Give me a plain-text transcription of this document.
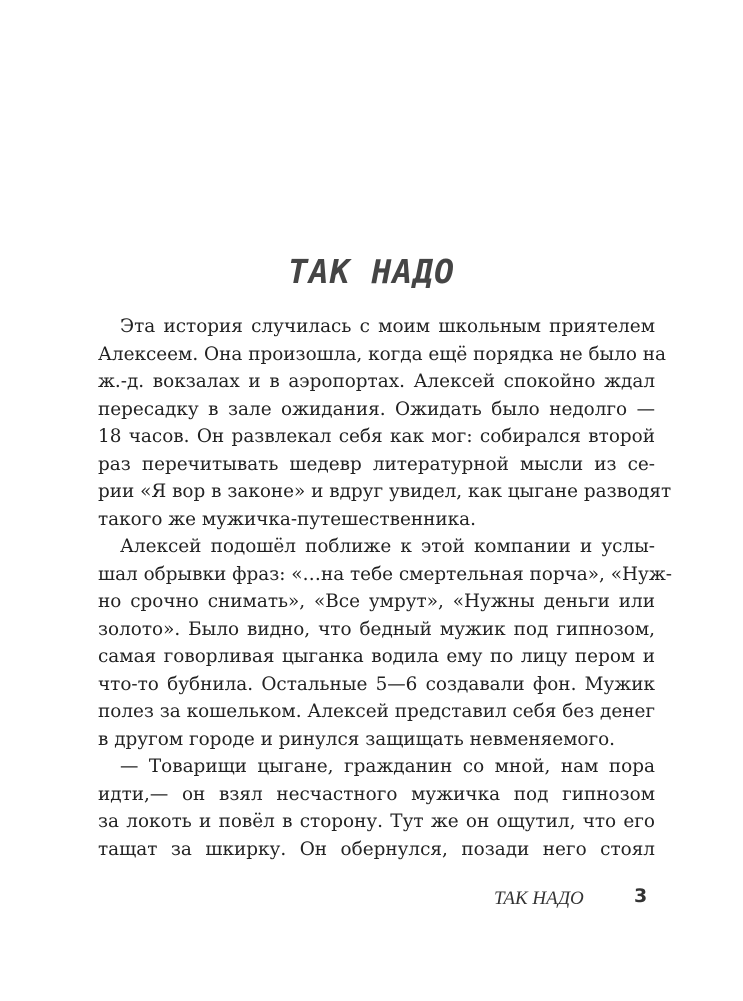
ТАК НАДО
Эта история случилась с моим школьным приятелем
Алексеем. Она произошла, когда ещё порядка не было на
ж.-д. вокзалах и в аэропортах. Алексей спокойно ждал
пересадку в зале ожидания. Ожидать было недолго —
18 часов. Он развлекал себя как мог: собирался второй
раз перечитывать шедевр литературной мысли из се-
рии «Я вор в законе» и вдруг увидел, как цыгане разводят
такого же мужичка-путешественника.
Алексей подошёл поближе к этой компании и услы-
шал обрывки фраз: «…на тебе смертельная порча», «Нуж-
но срочно снимать», «Все умрут», «Нужны деньги или
золото». Было видно, что бедный мужик под гипнозом,
самая говорливая цыганка водила ему по лицу пером и
что-то бубнила. Остальные 5—6 создавали фон. Мужик
полез за кошельком. Алексей представил себя без денег
в другом городе и ринулся защищать невменяемого.
— Товарищи цыгане, гражданин со мной, нам пора
идти,— он взял несчастного мужичка под гипнозом
за локоть и повёл в сторону. Тут же он ощутил, что его
тащат за шкирку. Он обернулся, позади него стоял
ТАК НАДО	3
